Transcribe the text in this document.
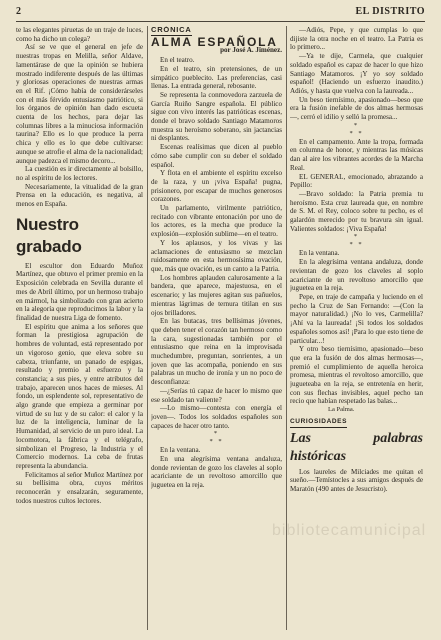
2	EL DISTRITO

te las elegantes piruetas de un traje de luces, como ha dicho un colega?

Así se ve que el general en jefe de nuestras tropas en Melilla, señor Aldave, lamentárase de que la opinión se hubiera mostrado indiferente después de las últimas y gloriosas operaciones de nuestras armas en el Rif. ¡Cómo había de considerárseles con el más férvido entusiasmo patriótico, si los órganos de opinión han dado escueta cuenta de los hechos, para dejar las columnas libres a la minuciosa información taurina? Ello es lo que produce la perra chica y ello es lo que debe cultivarse: aunque se atrofie el alma de la nacionalidad; aunque padezca el mismo decoro...

La cuestión es ir directamente al bolsillo, no al espíritu de los lectores.

Necesariamente, la vitualidad de la gran Prensa en la educación, es negativa, al menos en España.

Nuestro grabado

El escultor don Eduardo Muñoz Martínez, que obtuvo el primer premio en la Exposición celebrada en Sevilla durante el mes de Abril último, por un hermoso trabajo en mármol, ha simbolizado con gran acierto en la alegoría que reproducimos la labor y la finalidad de nuestra Liga de fomento.

El espíritu que anima a los señores que forman la prestigiosa agrupación de hombres de voluntad, está representado por un vigoroso genio, que eleva sobre su cabeza, triunfante, un panado de espigas, resultado y premio al esfuerzo y la constancia; a sus pies, y entre atributos del trabajo, aparecen unos haces de mieses. Al fondo, un esplendente sol, representativo de algo grande que empieza a germinar por virtud de su luz y de su calor: el calor y la luz de la inteligencia, luminar de la Humanidad, al servicio de un puro ideal. La locomotora, la fábrica y el telégrafo, simbolizan el Progreso, la Industria y el Comercio modernos. La ceba de frutas representa la abundancia.

Felicitamos al señor Muñoz Martínez por su bellísima obra, cuyos méritos reconocerán y ensalzarán, seguramente, todos nuestros cultos lectores.

CRÓNICA
ALMA ESPAÑOLA
por José A. Jiménez.

En el teatro.

En el teatro, sin pretensiones, de un simpático pueblecito. Las preferencias, casi llenas. La entrada general, rebosante.

Se representa la conmovedora zarzuela de García Ruiño Sangre española. El público sigue con vivo interés las patrióticas escenas, donde el bravo soldado Santiago Matamoros muestra su heroísmo soberano, sin jactancias ni desplantes.

Escenas realísimas que dicen al pueblo cómo sabe cumplir con su deber el soldado español.

Y flota en el ambiente el espíritu excelso de la raza, y un ¡viva España! pugna, prisionero, por escapar de muchos generosos corazones.

Un parlamento, virilmente patriótico, recitado con vibrante entonación por uno de los actores, es la mecha que produce la explosión—explosión sublime—en el teatro.

Y los aplausos, y los vivas y las aclamaciones de entusiasmo se mezclan ruidosamente en esta hermosísima ovación, que, más que ovación, es un canto a la Patria.

Los hombres aplauden calurosamente a la bandera, que aparece, majestuosa, en el escenario; y las mujeres agitan sus pañuelos, mientras lágrimas de ternura titilan en sus ojos brilladores.

En las butacas, tres bellísimas jóvenes, que deben tener el corazón tan hermoso como la cara, sugestionadas también por el entusiasmo que reina en la improvisada muchedumbre, preguntan, sonrientes, a un joven que las acompaña, poniendo en sus palabras un mucho de ironía y un no poco de desconfianza:

—¿Serías tú capaz de hacer lo mismo que ese soldado tan valiente?

—Lo mismo—contesta con energía el joven—. Todos los soldados españoles son capaces de hacer otro tanto.

*
* *

En la ventana.

En una alegrísima ventana andaluza, donde revientan de gozo los claveles al soplo acariciante de un revoltoso amorcillo que juguetea en la reja.

—Adiós, Pepe, y que cumplas lo que dijiste la otra noche en el teatro. La Patria es lo primero...

—Ya te dije, Carmela, que cualquier soldado español es capaz de hacer lo que hizo Santiago Matamoros. ¡Y yo soy soldado español! (Haciendo un esfuerzo inaudito.) Adiós, y hasta que vuelva con la laureada...

Un beso tiernísimo, apasionado—beso que era la fusión inefable de dos almas hermosas—, cerró el idilio y selló la promesa...

*
* *

En el campamento. Ante la tropa, formada en columna de honor, y mientras las músicas dan al aire los vibrantes acordes de la Marcha Real.

EL GENERAL, emocionado, abrazando a Pepillo:

—Bravo soldado: la Patria premia tu heroísmo. Esta cruz laureada que, en nombre de S. M. el Rey, coloco sobre tu pecho, es el galardón merecido por tu bravura sin igual. Valientes soldados: ¡Viva España!

*
* *

En la ventana.

En la alegrísima ventana andaluza, donde revientan de gozo los claveles al soplo acariciante de un revoltoso amorcillo que juguetea en la reja.

Pepe, en traje de campaña y luciendo en el pecho la Cruz de San Fernando: —(Con la mayor naturalidad.) ¡No lo ves, Carmelilla? ¡Ahí va la laureada! ¡Si todos los soldados españoles somos así! ¡Para lo que esto tiene de particular...!

Y otro beso tiernísimo, apasionado—beso que era la fusión de dos almas hermosas—, premió el cumplimiento de aquella heroica promesa, mientras el revoltoso amorcillo, que jugueteaba en la reja, se entretenía en herir, con sus flechas invisibles, aquel pecho tan recio que habían respetado las balas...

La Palma.
CURIOSIDADES
Las palabras históricas

Los laureles de Milciades me quitan el sueño.—Temístocles a sus amigos después de Maratón (490 antes de Jesucristo).

bibliotecamunicipal
